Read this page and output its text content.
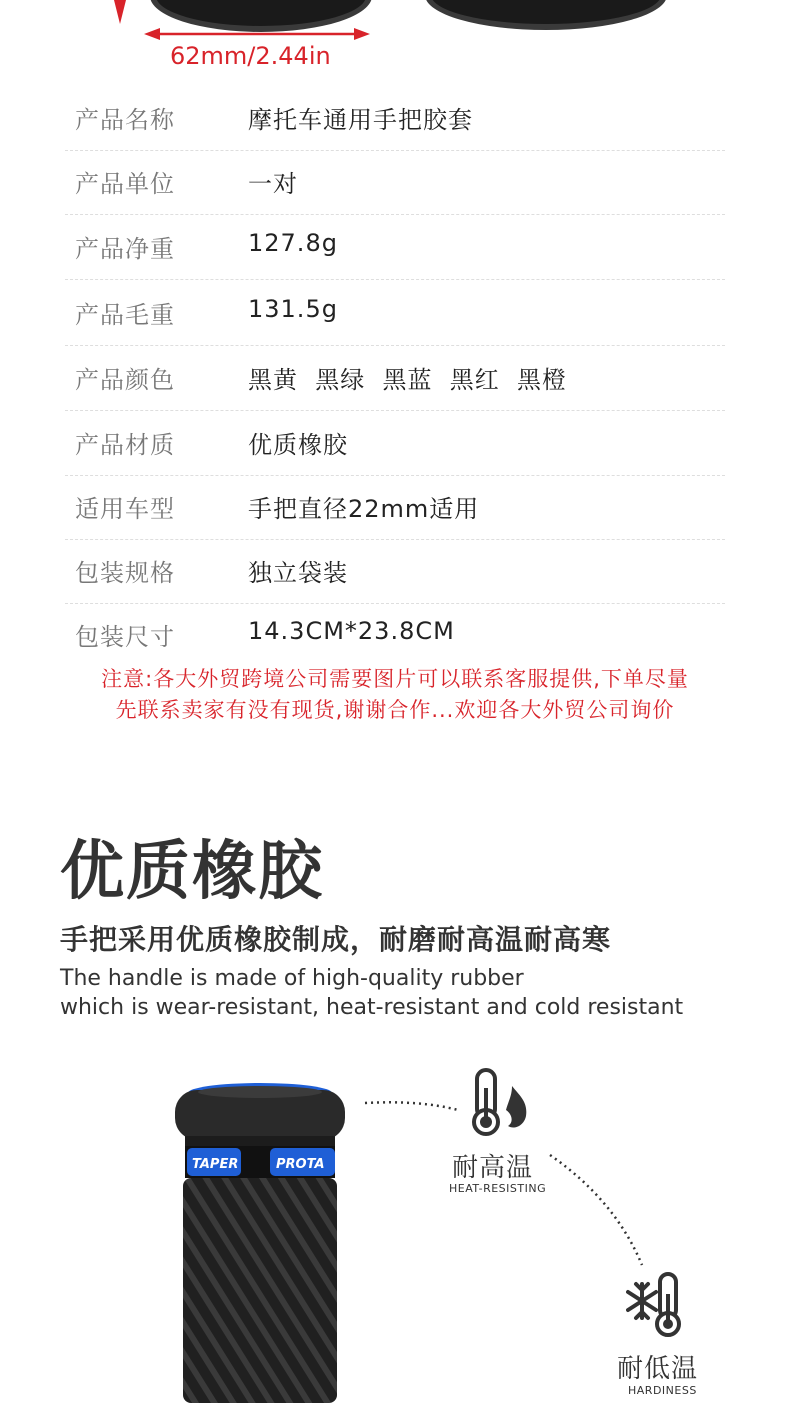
62mm/2.44in
产品名称	摩托车通用手把胶套
产品单位	一对
产品净重	127.8g
产品毛重	131.5g
产品颜色	黑黄  黑绿  黑蓝  黑红  黑橙
产品材质	优质橡胶
适用车型	手把直径22mm适用
包装规格	独立袋装
包装尺寸	14.3CM*23.8CM
注意:各大外贸跨境公司需要图片可以联系客服提供,下单尽量
先联系卖家有没有现货,谢谢合作...欢迎各大外贸公司询价
优质橡胶
手把采用优质橡胶制成，耐磨耐高温耐高寒
The handle is made of high-quality rubber
which is wear-resistant, heat-resistant and cold resistant
TAPER	PROTA	耐高温
HEAT-RESISTING
耐低温
HARDINESS
